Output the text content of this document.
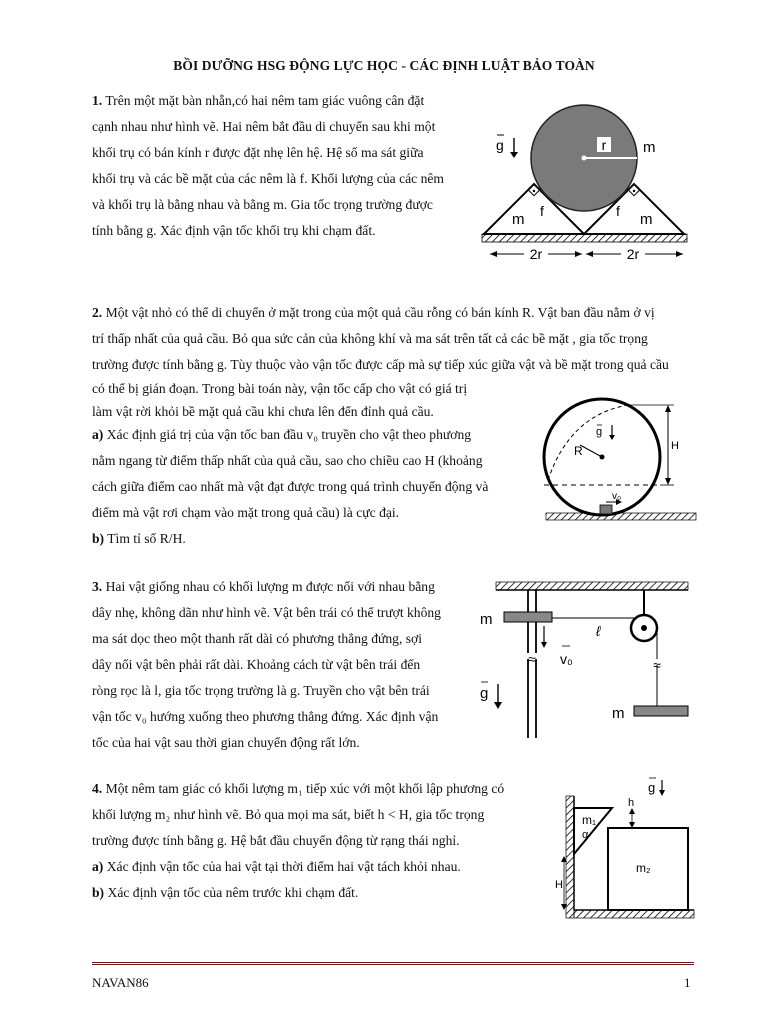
BỒI DƯỠNG HSG ĐỘNG LỰC HỌC - CÁC ĐỊNH LUẬT BẢO TOÀN

1. Trên một mặt bàn nhẵn,có hai nêm tam giác vuông cân đặt

cạnh nhau như hình vẽ. Hai nêm bắt đầu di chuyển sau khi một

khối trụ có bán kính r được đặt nhẹ lên hệ. Hệ số ma sát giữa

khối trụ và các bề mặt của các nêm là f. Khối lượng của các nêm

và khối trụ là bằng nhau và bằng m. Gia tốc trọng trường được

tính bằng g. Xác định vận tốc khối trụ khi chạm đất.

r m
g
m f	f m
2r	2r

2. Một vật nhỏ có thể di chuyển ở mặt trong của một quả cầu rỗng có bán kính R. Vật ban đầu nằm ở vị

trí thấp nhất của quả cầu. Bỏ qua sức cản của không khí và ma sát trên tất cả các bề mặt , gia tốc trọng

trường được tính bằng g. Tùy thuộc vào vận tốc được cấp mà sự tiếp xúc giữa vật và bề mặt trong quả cầu

có thể bị gián đoạn. Trong bài toán này, vận tốc cấp cho vật có giá trị

làm vật rời khỏi bề mặt quả cầu khi chưa lên đến đỉnh quả cầu.

a) Xác định giá trị của vận tốc ban đầu v₀ truyền cho vật theo phương

nằm ngang từ điểm thấp nhất của quả cầu, sao cho chiều cao H (khoảng

cách giữa điểm cao nhất mà vật đạt được trong quá trình chuyển động và

điểm mà vật rơi chạm vào mặt trong quả cầu) là cực đại.

b) Tìm tỉ số R/H.

R
g
H
v₀

3. Hai vật giống nhau có khối lượng m được nối với nhau bằng

dây nhẹ, không dãn như hình vẽ. Vật bên trái có thể trượt không

ma sát dọc theo một thanh rất dài có phương thẳng đứng, sợi

dây nối vật bên phải rất dài. Khoảng cách từ vật bên trái đến

ròng rọc là l, gia tốc trọng trường là g. Truyền cho vật bên trái

vận tốc v₀ hướng xuống theo phương thẳng đứng. Xác định vận

tốc của hai vật sau thời gian chuyển động rất lớn.

≈
m
≈
ℓ
v₀
g
m

4. Một nêm tam giác có khối lượng m₁ tiếp xúc với một khối lập phương có

khối lượng m₂ như hình vẽ. Bỏ qua mọi ma sát, biết h < H, gia tốc trọng

trường được tính bằng g. Hệ bắt đầu chuyển động từ rạng thái nghỉ.

a) Xác định vận tốc của hai vật tại thời điểm hai vật tách khỏi nhau.

b) Xác định vận tốc của nêm trước khi chạm đất.

m₁
α
m₂
h
H
g
NAVAN86	1
